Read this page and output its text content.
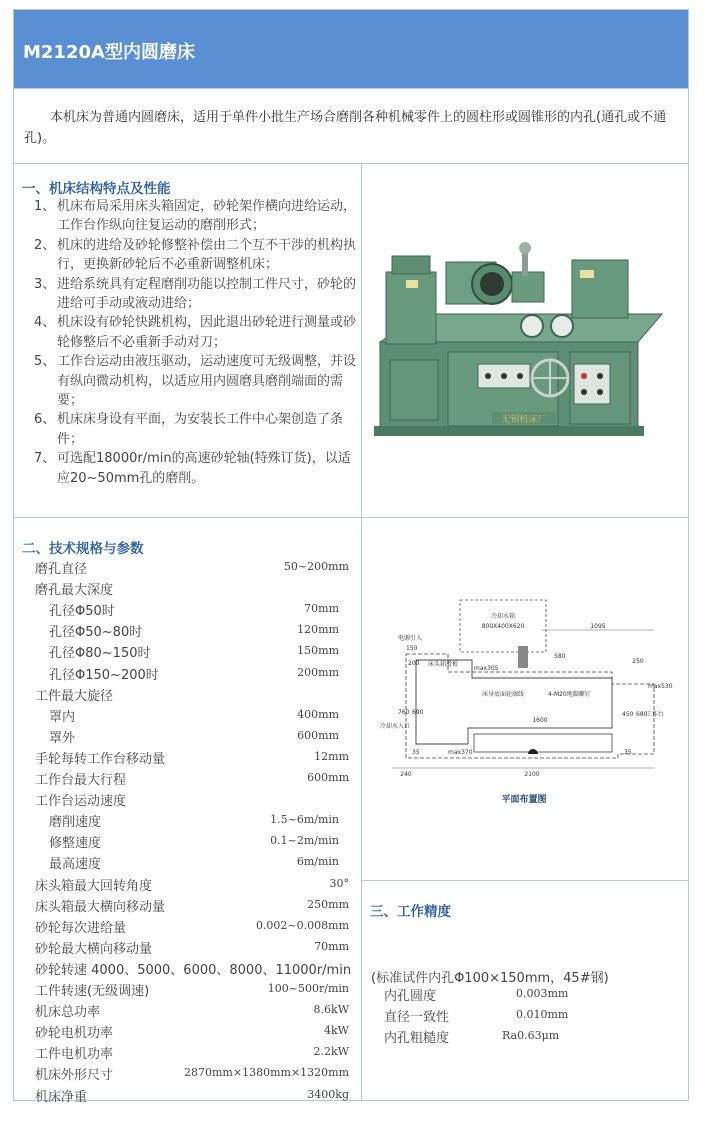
M2120A型内圆磨床

本机床为普通内圆磨床，适用于单件小批生产场合磨削各种机械零件上的圆柱形或圆锥形的内孔(通孔或不通孔)。

一、机床结构特点及性能
1、 机床布局采用床头箱固定，砂轮架作横向进给运动，工作台作纵向往复运动的磨削形式；
2、 机床的进给及砂轮修整补偿由二个互不干涉的机构执行，更换新砂轮后不必重新调整机床；
3、 进给系统具有定程磨削功能以控制工件尺寸，砂轮的进给可手动或液动进给；
4、 机床设有砂轮快跳机构，因此退出砂轮进行测量或砂轮修整后不必重新手动对刀；
5、 工作台运动由液压驱动，运动速度可无级调整，并设有纵向微动机构，以适应用内圆磨具磨削端面的需要；
6、 机床床身设有平面，为安装长工件中心架创造了条件；
7、 可选配18000r/min的高速砂轮轴(特殊订货)，以适应20~50mm孔的磨削。
无锡机床厂
二、技术规格与参数
磨孔直径	50~200mm
磨孔最大深度
孔径Φ50时	70mm
孔径Φ50~80时	120mm
孔径Φ80~150时	150mm
孔径Φ150~200时	200mm
工件最大旋径
罩内	400mm
罩外	600mm
手轮每转工作台移动量	12mm
工作台最大行程	600mm
工作台运动速度
磨削速度	1.5~6m/min
修整速度	0.1~2m/min
最高速度	6m/min
床头箱最大回转角度	30°
床头箱最大横向移动量	250mm
砂轮每次进给量	0.002~0.008mm
砂轮最大横向移动量	70mm
砂轮转速 4000、5000、6000、8000、11000r/min
工件转速(无级调速)	100~500r/min
机床总功率	8.6kW
砂轮电机功率	4kW
工件电机功率	2.2kW
机床外形尺寸	2870mm×1380mm×1320mm
机床净重	3400kg
冷却水箱
800X400X620	1095
250
580
电源引入
150
200 床头箱滑板
max305
床身底面轮廓线	4-M20地脚螺钉
max530
工作台
760 690
1600
450 680
35	max370	35
冷却水入口
240	2100
平面布置图
三、工作精度
(标准试件内孔Φ100×150mm，45#钢)
内孔圆度	0.003mm
直径一致性	0.010mm
内孔粗糙度	Ra0.63μm
